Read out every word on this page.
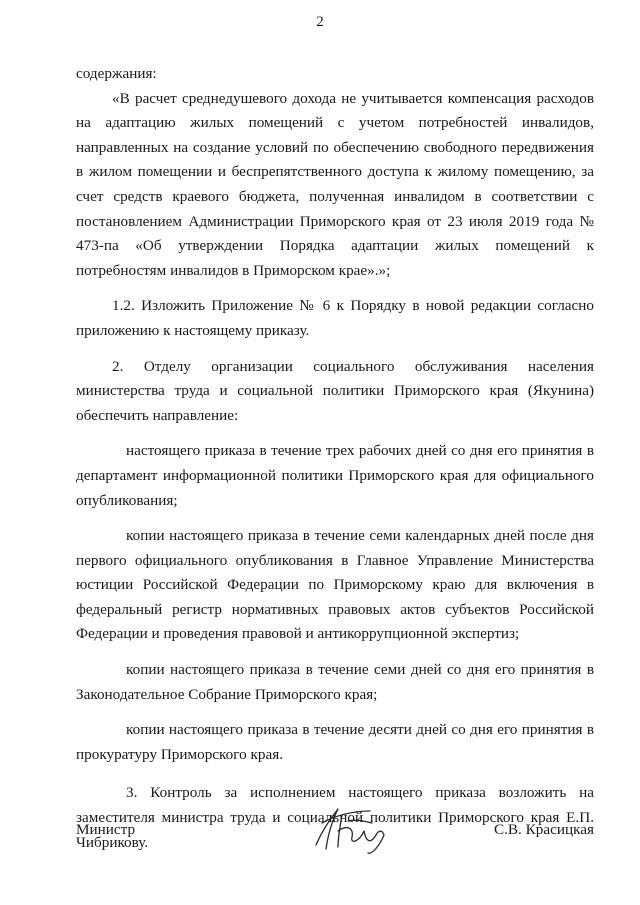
2

содержания:

«В расчет среднедушевого дохода не учитывается компенсация расходов на адаптацию жилых помещений с учетом потребностей инвалидов, направленных на создание условий по обеспечению свободного передвижения в жилом помещении и беспрепятственного доступа к жилому помещению, за счет средств краевого бюджета, полученная инвалидом в соответствии с постановлением Администрации Приморского края от 23 июля 2019 года № 473-па «Об утверждении Порядка адаптации жилых помещений к потребностям инвалидов в Приморском крае».»;

1.2. Изложить Приложение № 6 к Порядку в новой редакции согласно приложению к настоящему приказу.

2. Отделу организации социального обслуживания населения министерства труда и социальной политики Приморского края (Якунина) обеспечить направление:

настоящего приказа в течение трех рабочих дней со дня его принятия в департамент информационной политики Приморского края для официального опубликования;

копии настоящего приказа в течение семи календарных дней после дня первого официального опубликования в Главное Управление Министерства юстиции Российской Федерации по Приморскому краю для включения в федеральный регистр нормативных правовых актов субъектов Российской Федерации и проведения правовой и антикоррупционной экспертиз;

копии настоящего приказа в течение семи дней со дня его принятия в Законодательное Собрание Приморского края;

копии настоящего приказа в течение десяти дней со дня его принятия в прокуратуру Приморского края.

3. Контроль за исполнением настоящего приказа возложить на заместителя министра труда и социальной политики Приморского края Е.П. Чибрикову.

Министр	С.В. Красицкая
